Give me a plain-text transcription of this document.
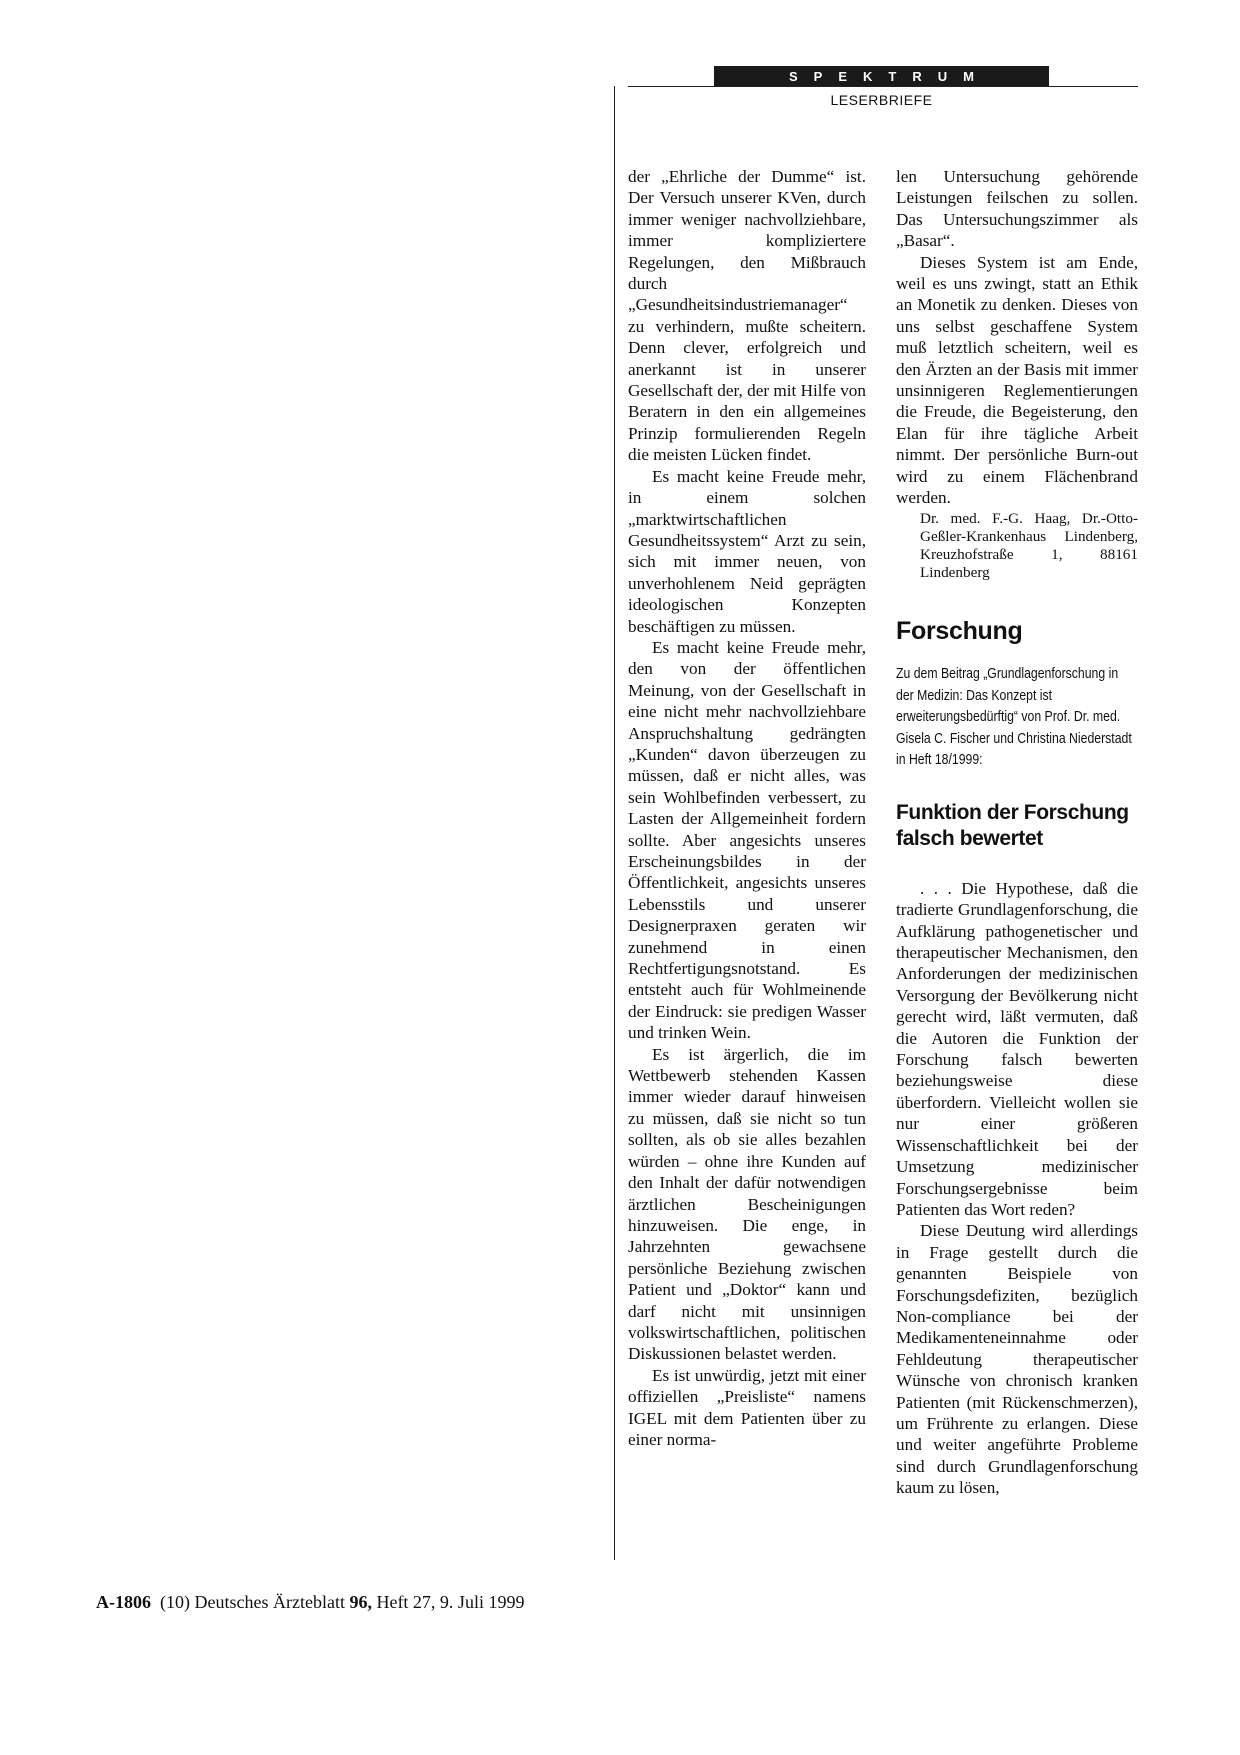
SPEKTRUM
LESERBRIEFE

der „Ehrliche der Dumme“ ist. Der Versuch unserer KVen, durch immer weniger nachvollziehbare, immer kompliziertere Regelungen, den Mißbrauch durch „Gesundheitsindustriemanager“ zu verhindern, mußte scheitern. Denn clever, erfolgreich und anerkannt ist in unserer Gesellschaft der, der mit Hilfe von Beratern in den ein allgemeines Prinzip formulierenden Regeln die meisten Lücken findet.

Es macht keine Freude mehr, in einem solchen „marktwirtschaftlichen Gesundheitssystem“ Arzt zu sein, sich mit immer neuen, von unverhohlenem Neid geprägten ideologischen Konzepten beschäftigen zu müssen.

Es macht keine Freude mehr, den von der öffentlichen Meinung, von der Gesellschaft in eine nicht mehr nachvollziehbare Anspruchshaltung gedrängten „Kunden“ davon überzeugen zu müssen, daß er nicht alles, was sein Wohlbefinden verbessert, zu Lasten der Allgemeinheit fordern sollte. Aber angesichts unseres Erscheinungsbildes in der Öffentlichkeit, angesichts unseres Lebensstils und unserer Designerpraxen geraten wir zunehmend in einen Rechtfertigungsnotstand. Es entsteht auch für Wohlmeinende der Eindruck: sie predigen Wasser und trinken Wein.

Es ist ärgerlich, die im Wettbewerb stehenden Kassen immer wieder darauf hinweisen zu müssen, daß sie nicht so tun sollten, als ob sie alles bezahlen würden – ohne ihre Kunden auf den Inhalt der dafür notwendigen ärztlichen Bescheinigungen hinzuweisen. Die enge, in Jahrzehnten gewachsene persönliche Beziehung zwischen Patient und „Doktor“ kann und darf nicht mit unsinnigen volkswirtschaftlichen, politischen Diskussionen belastet werden.

Es ist unwürdig, jetzt mit einer offiziellen „Preisliste“ namens IGEL mit dem Patienten über zu einer norma-

len Untersuchung gehörende Leistungen feilschen zu sollen. Das Untersuchungszimmer als „Basar“.

Dieses System ist am Ende, weil es uns zwingt, statt an Ethik an Monetik zu denken. Dieses von uns selbst geschaffene System muß letztlich scheitern, weil es den Ärzten an der Basis mit immer unsinnigeren Reglementierungen die Freude, die Begeisterung, den Elan für ihre tägliche Arbeit nimmt. Der persönliche Burn-out wird zu einem Flächenbrand werden.

Dr. med. F.-G. Haag, Dr.-Otto-Geßler-Krankenhaus Lindenberg, Kreuzhofstraße 1, 88161 Lindenberg
Forschung
Zu dem Beitrag „Grundlagenforschung in der Medizin: Das Konzept ist erweiterungsbedürftig“ von Prof. Dr. med. Gisela C. Fischer und Christina Niederstadt in Heft 18/1999:
Funktion der Forschung falsch bewertet

. . . Die Hypothese, daß die tradierte Grundlagenforschung, die Aufklärung pathogenetischer und therapeutischer Mechanismen, den Anforderungen der medizinischen Versorgung der Bevölkerung nicht gerecht wird, läßt vermuten, daß die Autoren die Funktion der Forschung falsch bewerten beziehungsweise diese überfordern. Vielleicht wollen sie nur einer größeren Wissenschaftlichkeit bei der Umsetzung medizinischer Forschungsergebnisse beim Patienten das Wort reden?

Diese Deutung wird allerdings in Frage gestellt durch die genannten Beispiele von Forschungsdefiziten, bezüglich Non-compliance bei der Medikamenteneinnahme oder Fehldeutung therapeutischer Wünsche von chronisch kranken Patienten (mit Rückenschmerzen), um Frührente zu erlangen. Diese und weiter angeführte Probleme sind durch Grundlagenforschung kaum zu lösen,

A-1806 (10) Deutsches Ärzteblatt 96, Heft 27, 9. Juli 1999
